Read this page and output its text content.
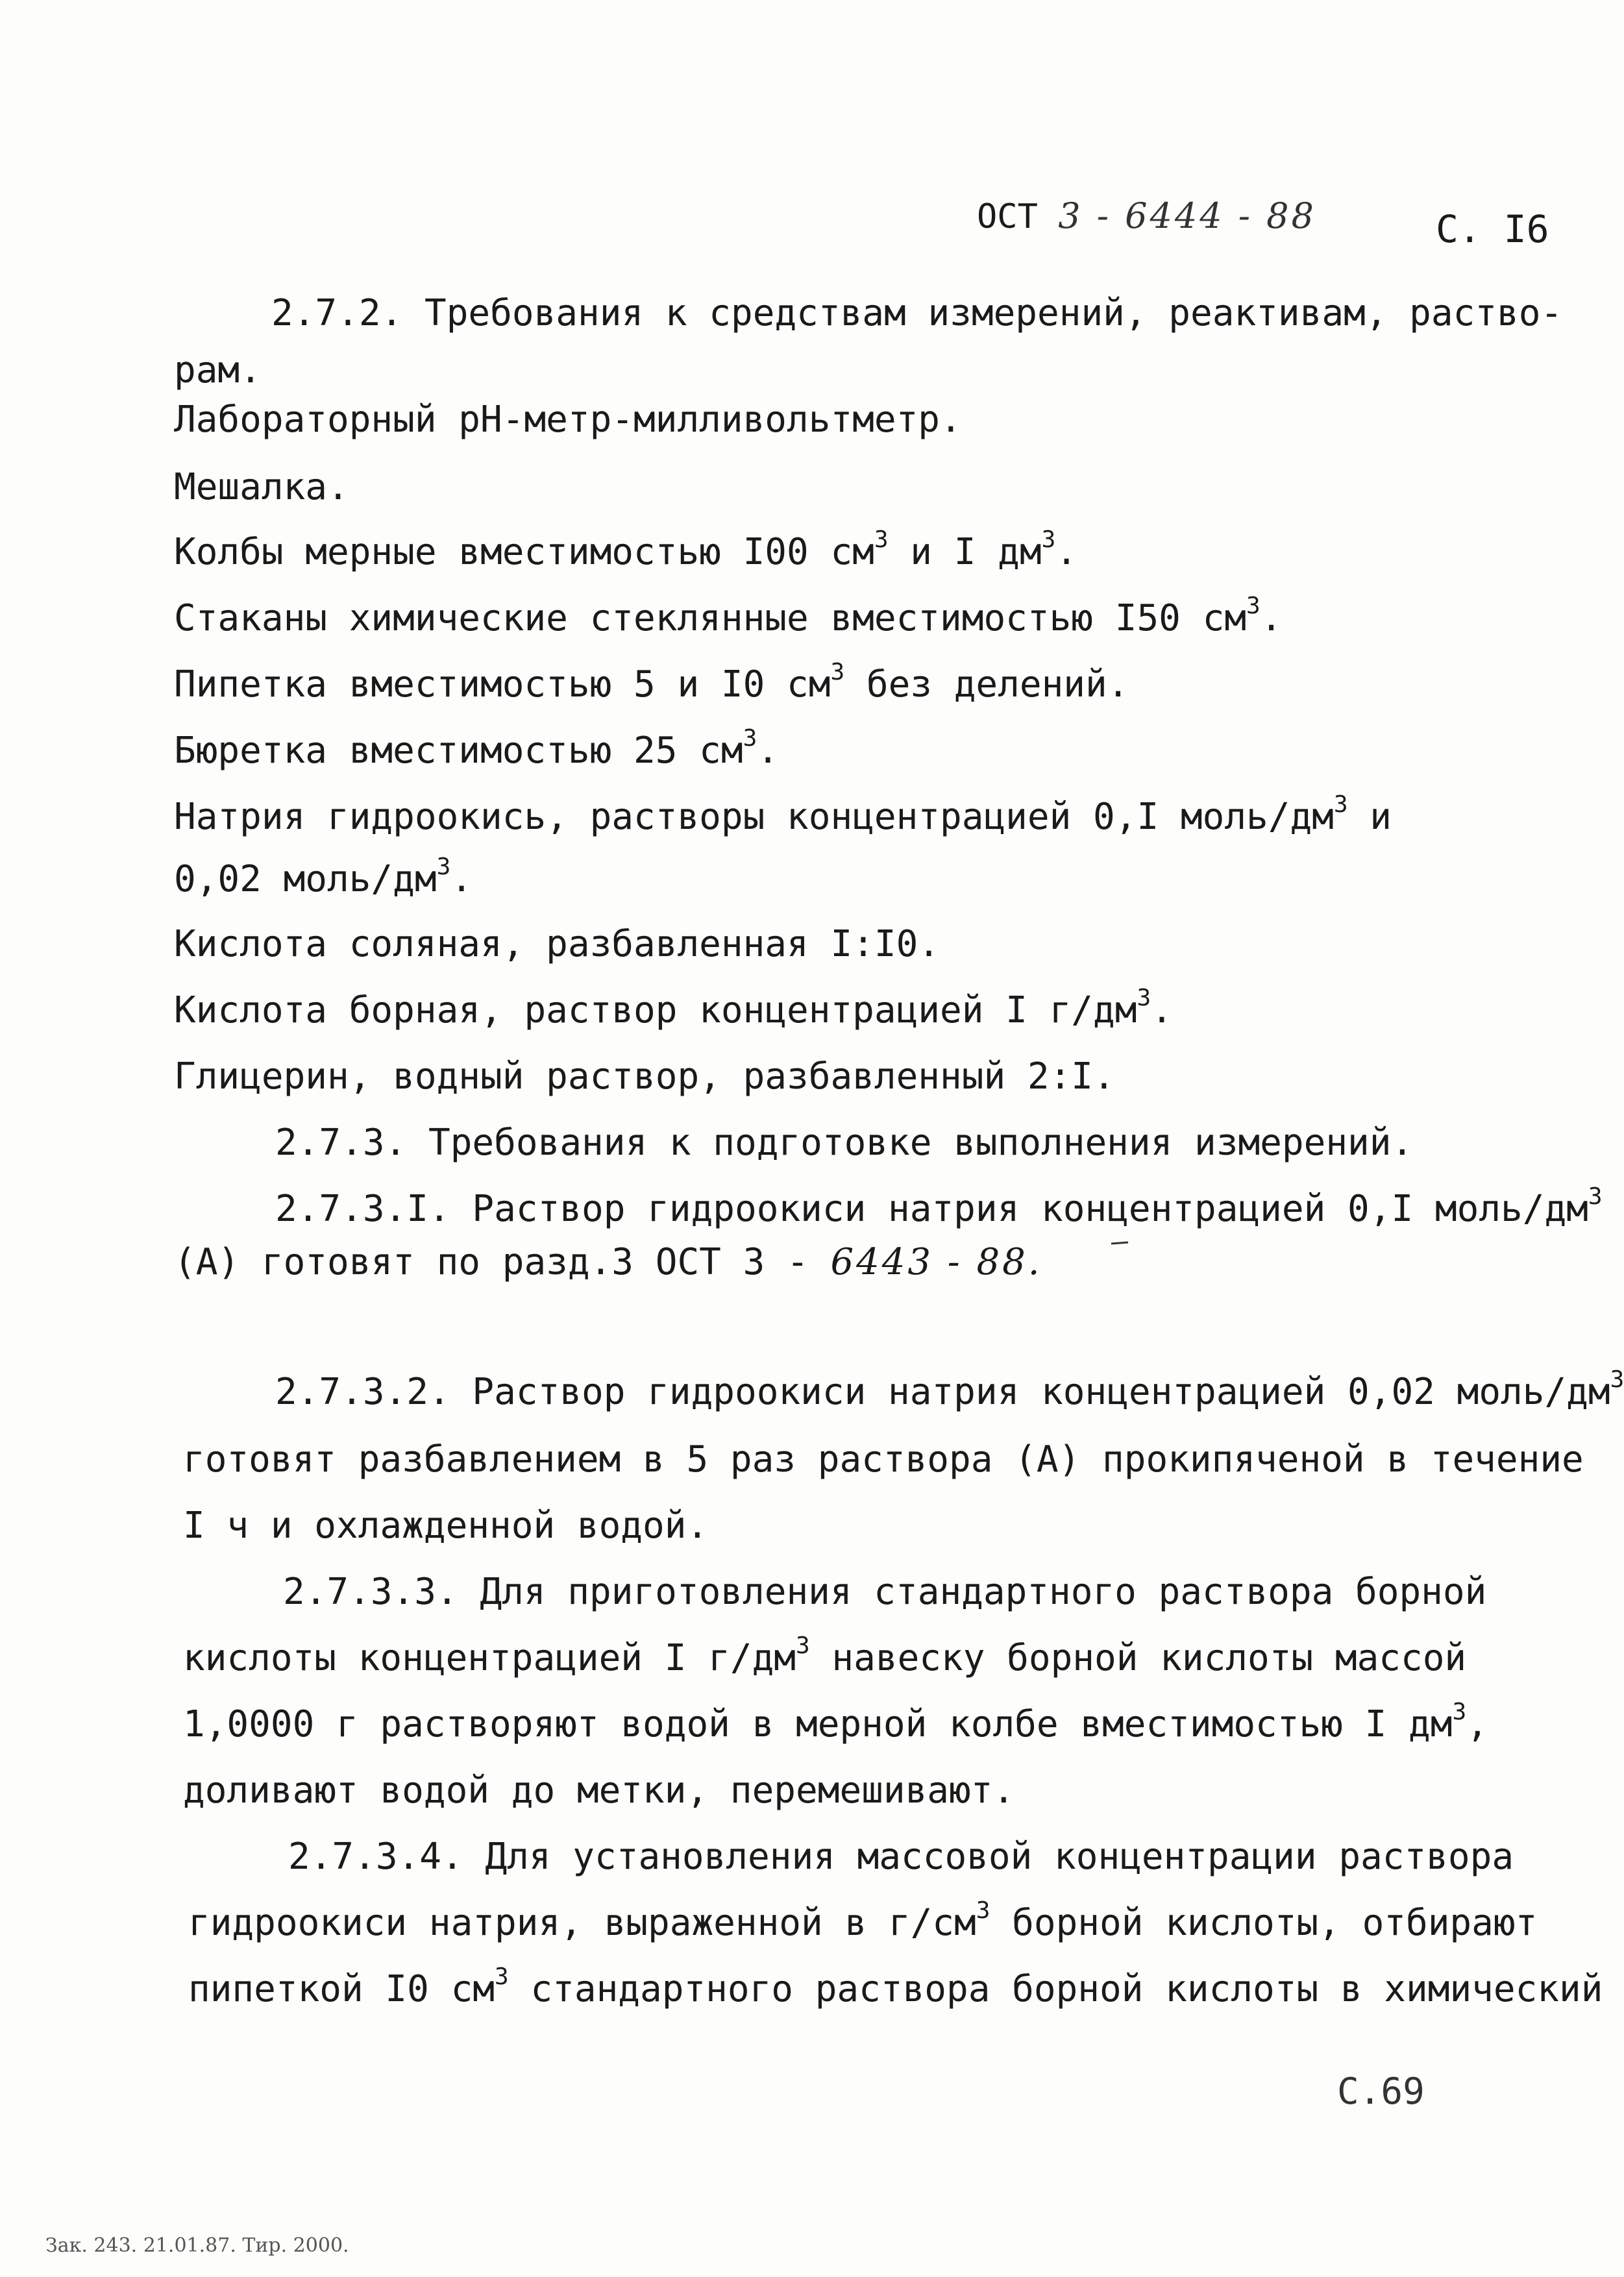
ОСТ 3 - 6444 - 88	С. I6
2.7.2. Требования к средствам измерений, реактивам, раство-
рам.
Лабораторный рН-метр-милливольтметр.
Мешалка.
Колбы мерные вместимостью I00 $см^3$ и I $дм^3$.
Стаканы химические стеклянные вместимостью I50 $см^3$.
Пипетка вместимостью 5 и I0 $см^3$ без делений.
Бюретка вместимостью 25 $см^3$.
Натрия гидроокись, растворы концентрацией 0,I моль/$дм^3$ и
0,02 моль/$дм^3$.
Кислота соляная, разбавленная I:I0.
Кислота борная, раствор концентрацией I $г/дм^3$.
Глицерин, водный раствор, разбавленный 2:I.
2.7.3. Требования к подготовке выполнения измерений.
2.7.3.I. Раствор гидроокиси натрия концентрацией 0,I моль/$дм^3$
(А) готовят по разд.3 ОСТ 3 - 6443 - 88.
2.7.3.2. Раствор гидроокиси натрия концентрацией 0,02 моль/$дм^3$
готовят разбавлением в 5 раз раствора (А) прокипяченой в течение
I ч и охлажденной водой.
2.7.3.3. Для приготовления стандартного раствора борной
кислоты концентрацией I $г/дм^3$ навеску борной кислоты массой
1,0000 г растворяют водой в мерной колбе вместимостью I $дм^3$,
доливают водой до метки, перемешивают.
2.7.3.4. Для установления массовой концентрации раствора
гидроокиси натрия, выраженной в $г/см^3$ борной кислоты, отбирают
пипеткой I0 $см^3$ стандартного раствора борной кислоты в химический
С.69
Зак. 243. 21.01.87. Тир. 2000.
